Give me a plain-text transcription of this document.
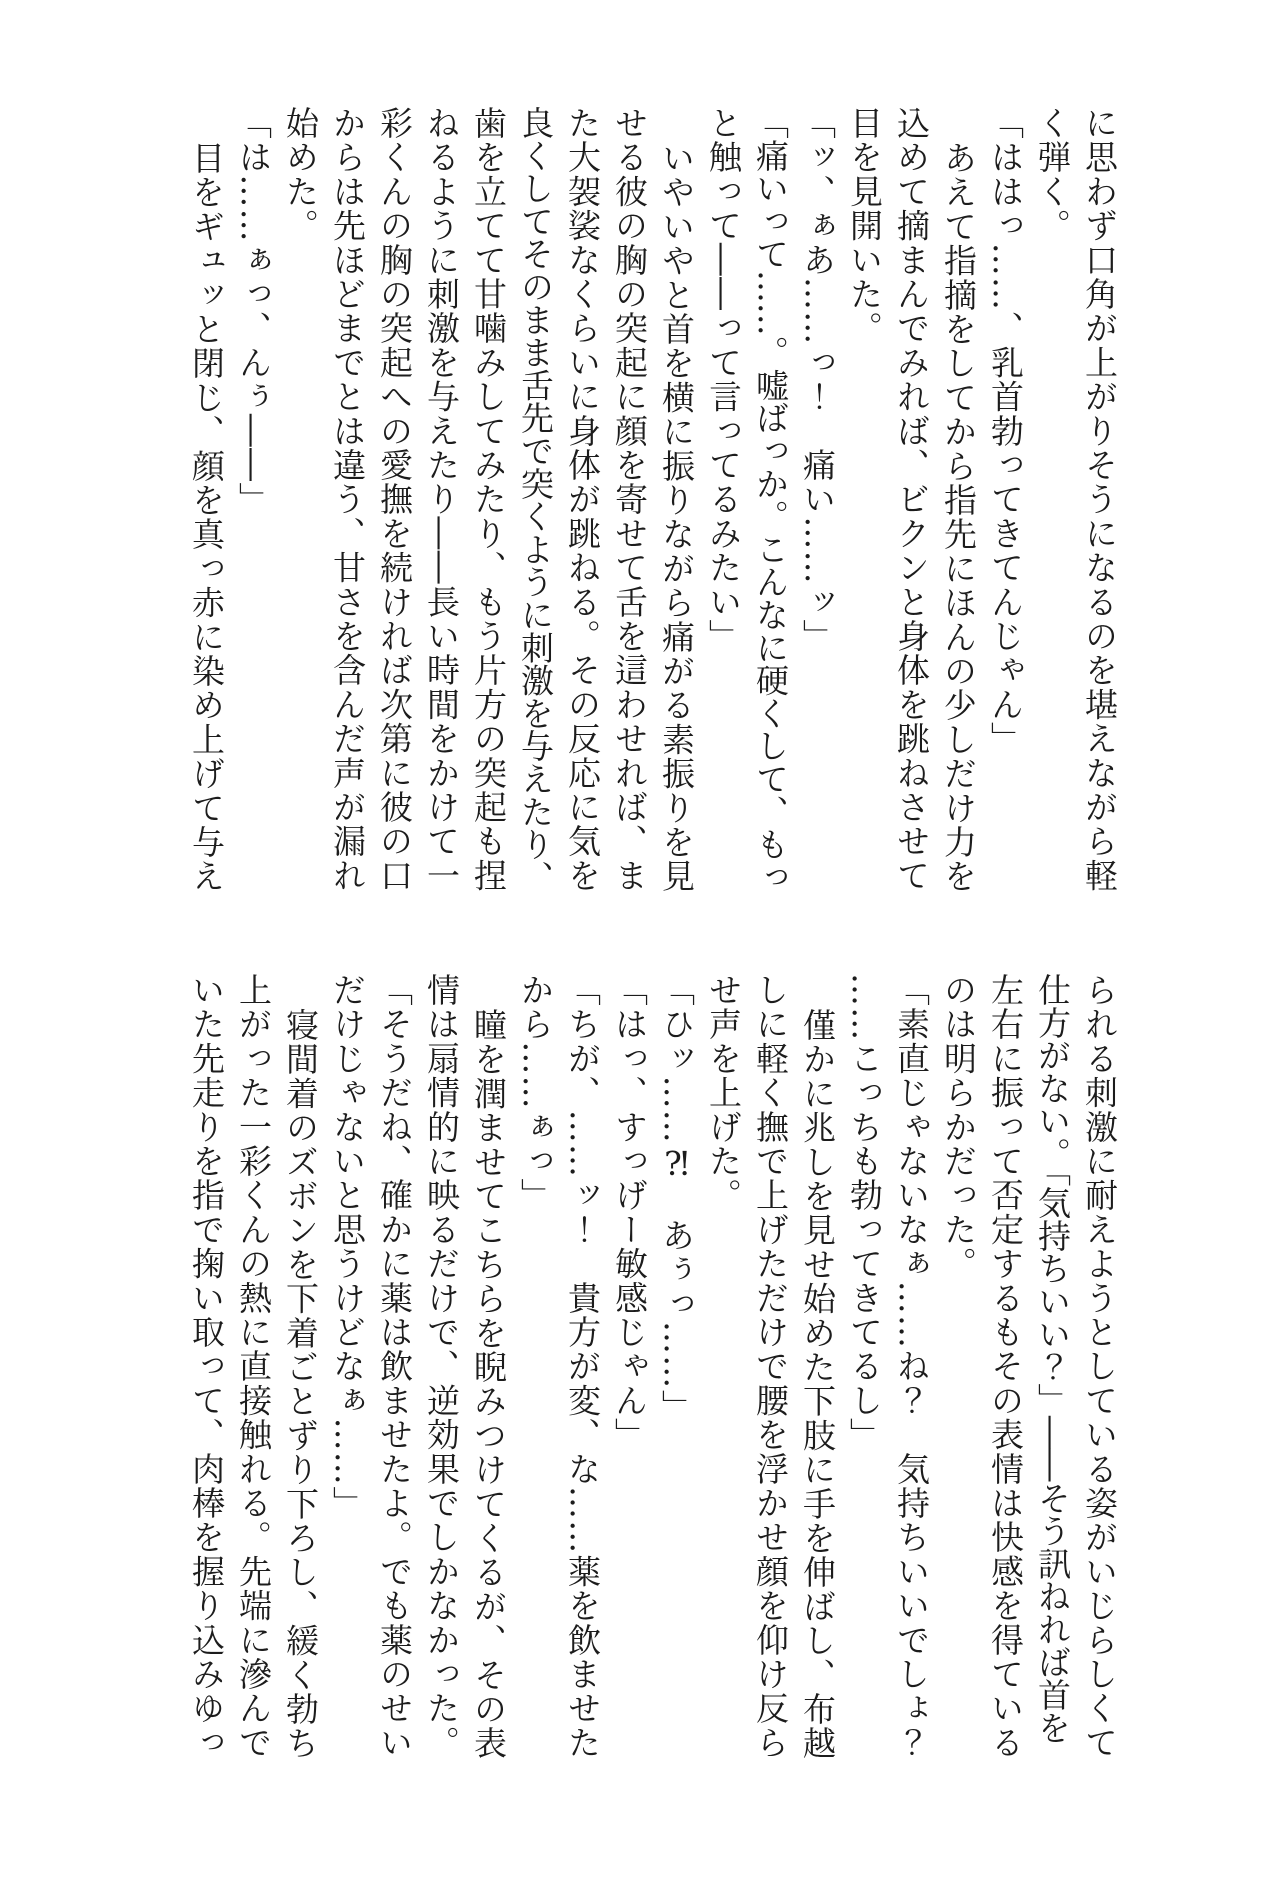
に思わず口角が上がりそうになるのを堪えながら軽

く弾く。

「ははっ……、乳首勃ってきてんじゃん」

あえて指摘をしてから指先にほんの少しだけ力を

込めて摘まんでみれば、ビクンと身体を跳ねさせて

目を見開いた。

「ッ、ぁあ……っ！　痛い……ッ」

「痛いって……。嘘ばっか。こんなに硬くして、もっ

と触って――って言ってるみたい」

いやいやと首を横に振りながら痛がる素振りを見

せる彼の胸の突起に顔を寄せて舌を這わせれば、ま

た大袈裟なくらいに身体が跳ねる。その反応に気を

良くしてそのまま舌先で突くように刺激を与えたり、

歯を立てて甘噛みしてみたり、もう片方の突起も捏

ねるように刺激を与えたり――長い時間をかけて一

彩くんの胸の突起への愛撫を続ければ次第に彼の口

からは先ほどまでとは違う、甘さを含んだ声が漏れ

始めた。

「は……ぁっ、んぅ――」

目をギュッと閉じ、顔を真っ赤に染め上げて与え

られる刺激に耐えようとしている姿がいじらしくて

仕方がない。「気持ちいい？」――そう訊ねれば首を

左右に振って否定するもその表情は快感を得ている

のは明らかだった。

「素直じゃないなぁ……ね？　気持ちいいでしょ？

……こっちも勃ってきてるし」

僅かに兆しを見せ始めた下肢に手を伸ばし、布越

しに軽く撫で上げただけで腰を浮かせ顔を仰け反ら

せ声を上げた。

「ひッ……⁈　あぅっ……」

「はっ、すっげー敏感じゃん」

「ちが、……ッ！　貴方が変、な……薬を飲ませた

から……ぁっ」

瞳を潤ませてこちらを睨みつけてくるが、その表

情は扇情的に映るだけで、逆効果でしかなかった。

「そうだね、確かに薬は飲ませたよ。でも薬のせい

だけじゃないと思うけどなぁ……」

寝間着のズボンを下着ごとずり下ろし、緩く勃ち

上がった一彩くんの熱に直接触れる。先端に滲んで

いた先走りを指で掬い取って、肉棒を握り込みゆっ
